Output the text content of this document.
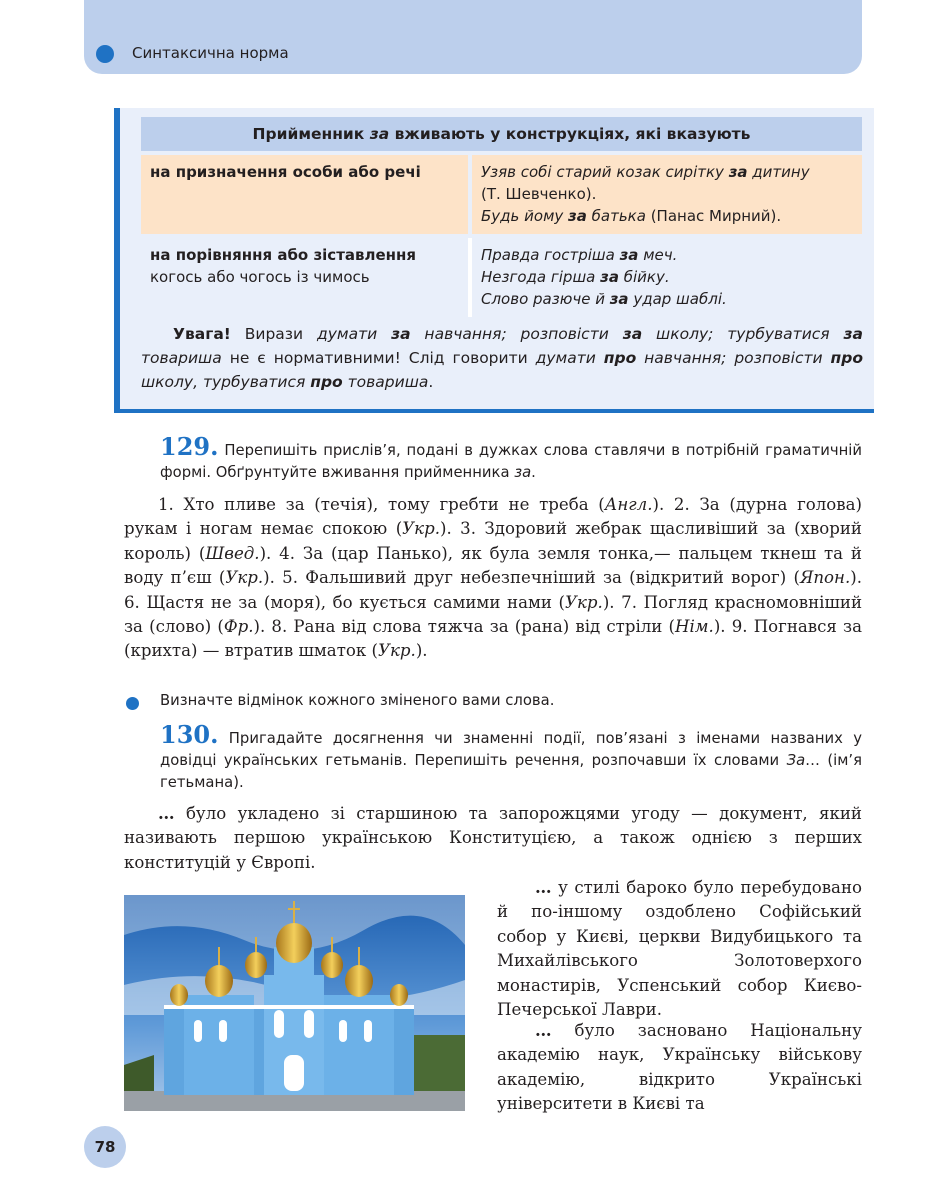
Синтаксична норма
Прийменник за вживають у конструкціях, які вказують	
на призначення особи або речі	Узяв собі старий козак сирітку за дитину
(Т. Шевченко).
Будь йому за батька (Панас Мирний).
на порівняння або зіставлення
когось або чогось із чимось	Правда гостріша за меч.
Незгода гірша за бійку.
Слово разюче й за удар шаблі.
Увага! Вирази думати за навчання; розповісти за школу; турбуватися за товариша не є нормативними! Слід говорити думати про навчання; розповісти про школу, турбуватися про товариша.
129. Перепишіть прислів’я, подані в дужках слова ставлячи в потрібній граматичній формі. Обґрунтуйте вживання прийменника за.
1. Хто пливе за (течія), тому гребти не треба (Англ.). 2. За (дурна голова) рукам і ногам немає спокою (Укр.). 3. Здоровий жебрак щасливіший за (хворий король) (Швед.). 4. За (цар Панько), як була земля тонка,— пальцем ткнеш та й воду п’єш (Укр.). 5. Фальшивий друг небезпечніший за (відкритий ворог) (Япон.). 6. Щастя не за (моря), бо кується самими нами (Укр.). 7. Погляд красномовніший за (слово) (Фр.). 8. Рана від слова тяжча за (рана) від стріли (Нім.). 9. Погнався за (крихта) — втратив шматок (Укр.).
Визначте відмінок кожного зміненого вами слова.
130. Пригадайте досягнення чи знаменні події, пов’язані з іменами названих у довідці українських гетьманів. Перепишіть речення, розпочавши їх словами За… (ім’я гетьмана).
… було укладено зі старшиною та запорожцями угоду — документ, який називають першою українською Конституцією, а також однією з перших конституцій у Європі.
… у стилі бароко було перебудовано й по-іншому оздоблено Софійський собор у Києві, церкви Видубицького та Михайлівського Золотоверхого монастирів, Успенський собор Києво-Печерської Лаври.
… було засновано Національну академію наук, Українську військову академію, відкрито Українські університети в Києві та
78
